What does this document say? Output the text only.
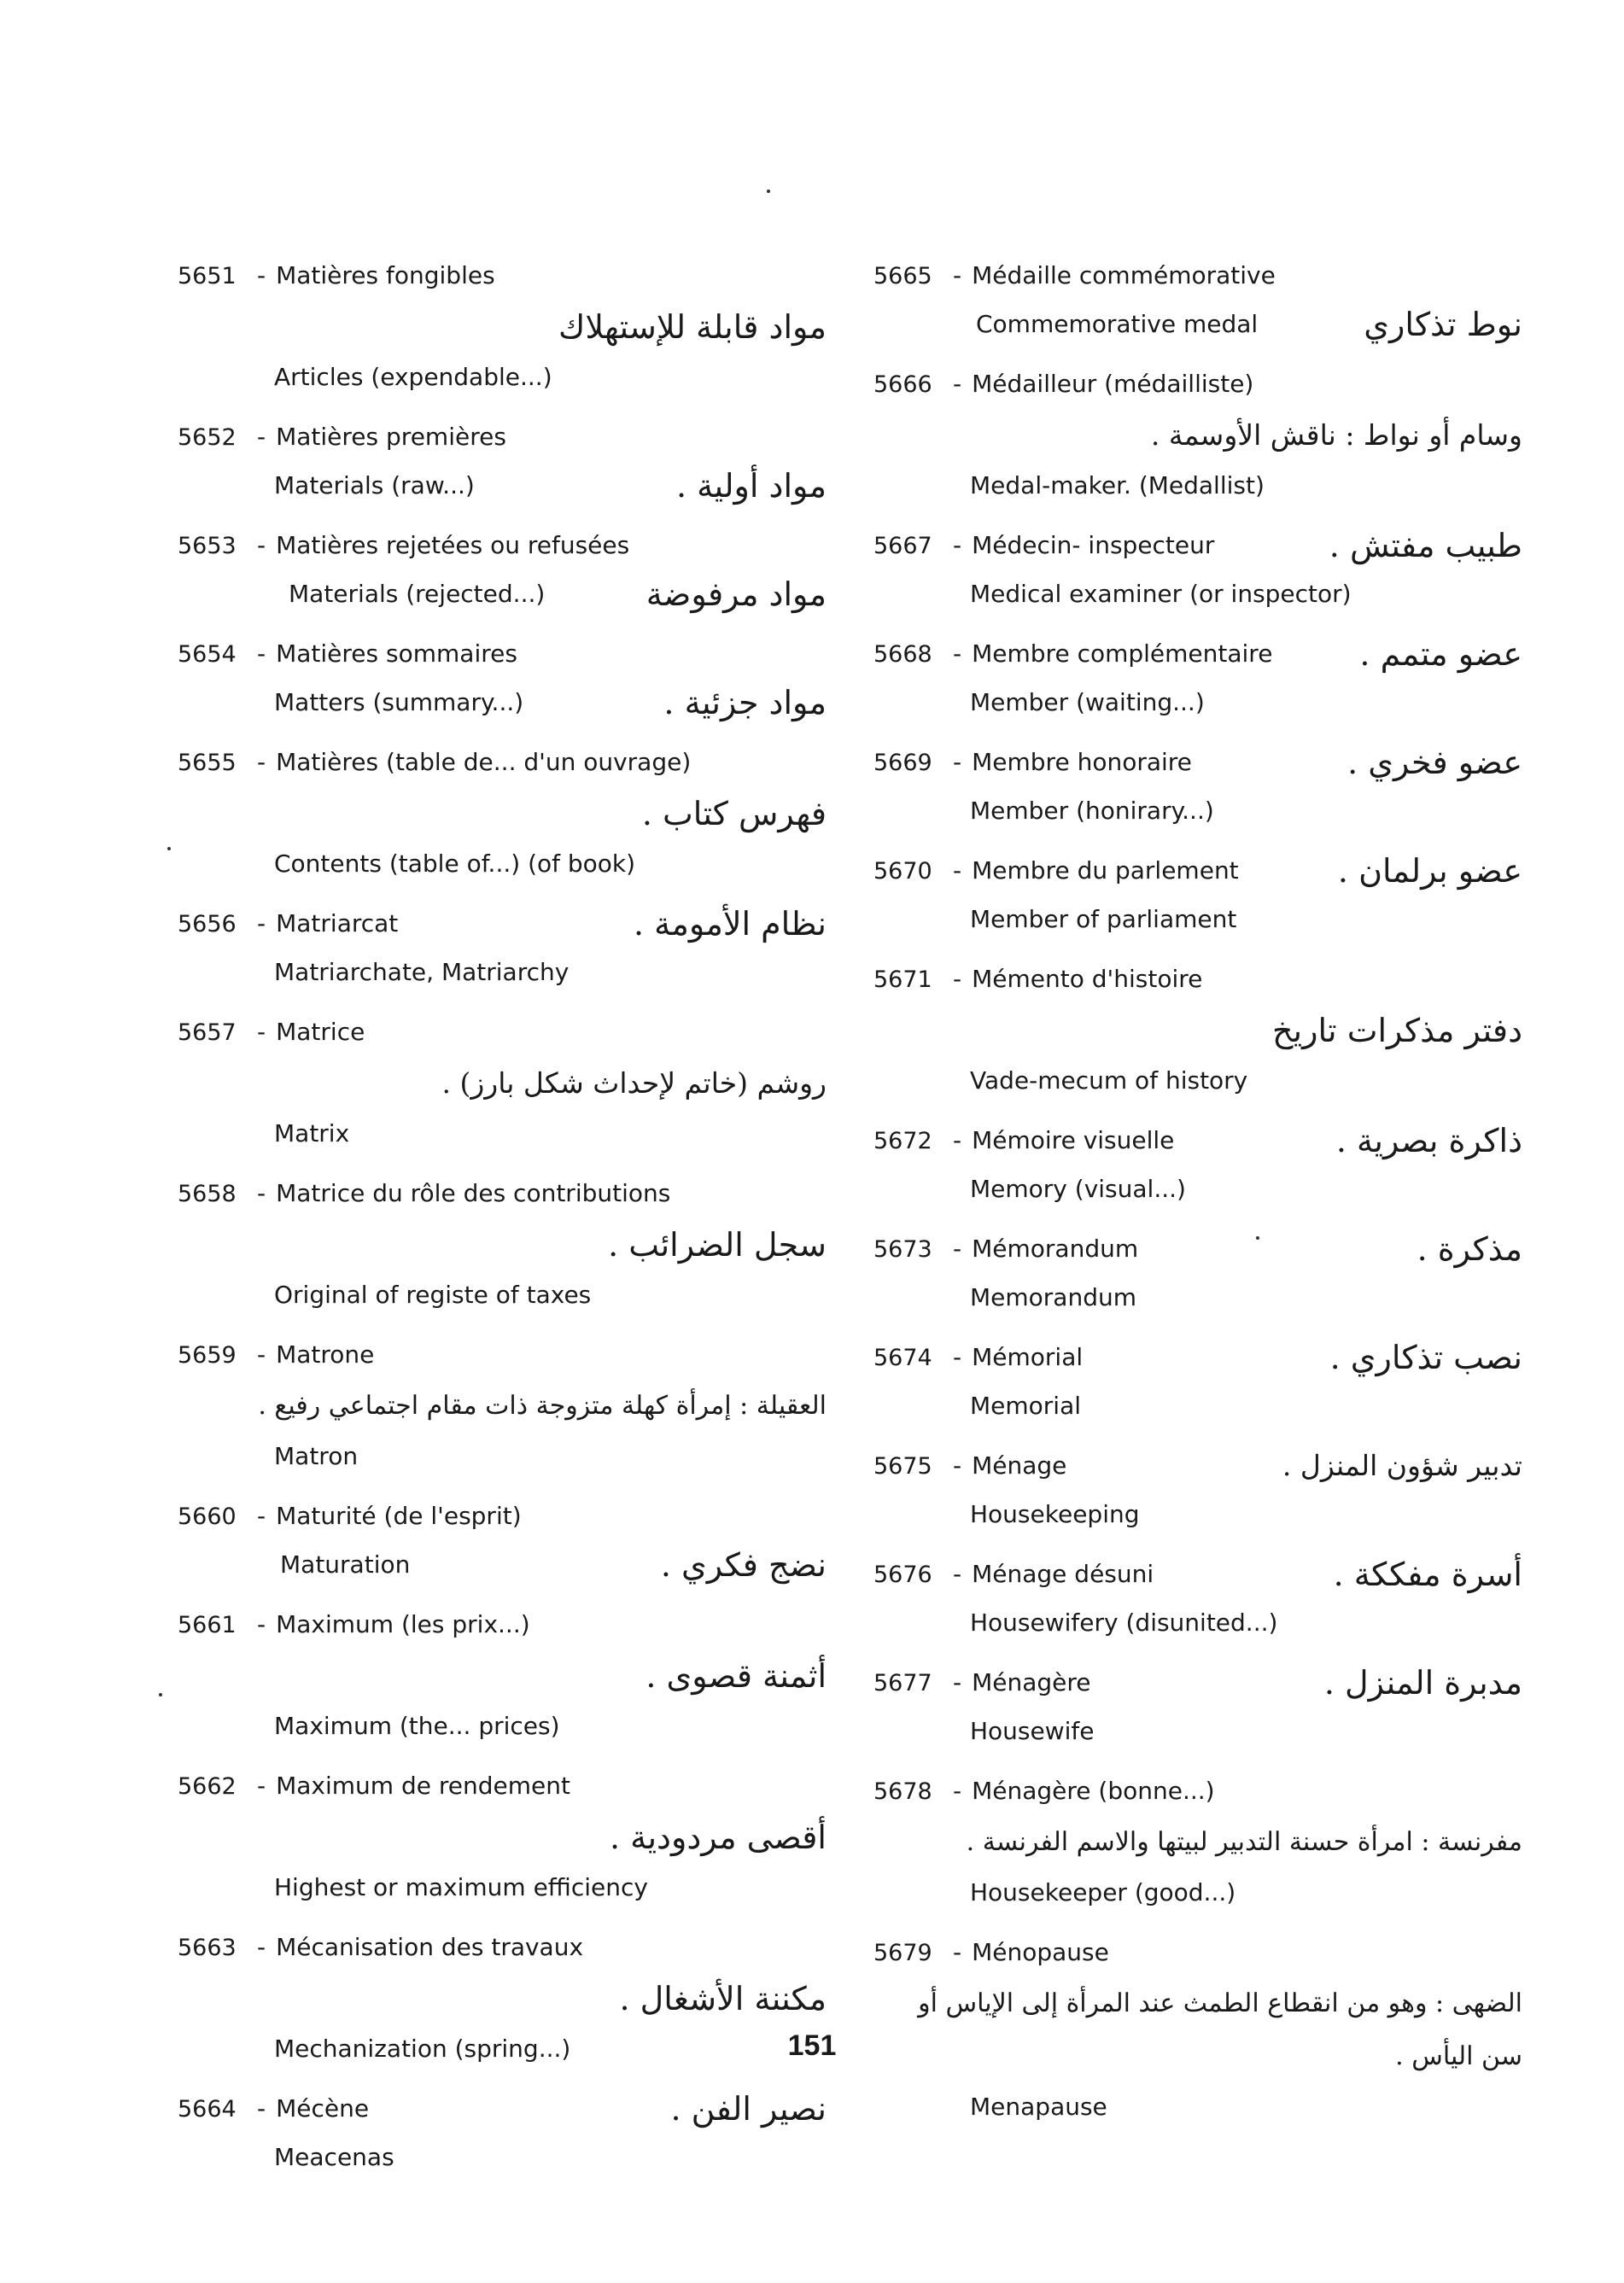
5651 - Matières fongibles
مواد قابلة للإستهلاك
Articles (expendable...)
5652 - Matières premières
Materials (raw...)	مواد أولية .
5653 - Matières rejetées ou refusées
Materials (rejected...)	مواد مرفوضة
5654 - Matières sommaires
Matters (summary...)	مواد جزئية .
5655 - Matières (table de... d'un ouvrage)
فهرس كتاب .
Contents (table of...) (of book)
5656 - Matriarcat	نظام الأمومة .
Matriarchate, Matriarchy
5657 - Matrice
روشم (خاتم لإحداث شكل بارز) .
Matrix
5658 - Matrice du rôle des contributions
سجل الضرائب .
Original of registe of taxes
5659 - Matrone
العقيلة : إمرأة كهلة متزوجة ذات مقام اجتماعي رفيع .
Matron
5660 - Maturité (de l'esprit)
Maturation	نضج فكري .
5661 - Maximum (les prix...)
أثمنة قصوى .
Maximum (the... prices)
5662 - Maximum de rendement
أقصى مردودية .
Highest or maximum efficiency
5663 - Mécanisation des travaux
مكننة الأشغال .
Mechanization (spring...)
5664 - Mécène	نصير الفن .
Meacenas
5665 - Médaille commémorative
Commemorative medal	نوط تذكاري
5666 - Médailleur (médailliste)
وسام أو نواط : ناقش الأوسمة .
Medal-maker. (Medallist)
5667 - Médecin- inspecteur	طبيب مفتش .
Medical examiner (or inspector)
5668 - Membre complémentaire	عضو متمم .
Member (waiting...)
5669 - Membre honoraire	عضو فخري .
Member (honirary...)
5670 - Membre du parlement	عضو برلمان .
Member of parliament
5671 - Mémento d'histoire
دفتر مذكرات تاريخ
Vade-mecum of history
5672 - Mémoire visuelle	ذاكرة بصرية .
Memory (visual...)
5673 - Mémorandum	مذكرة .
Memorandum
5674 - Mémorial	نصب تذكاري .
Memorial
5675 - Ménage	تدبير شؤون المنزل .
Housekeeping
5676 - Ménage désuni	أسرة مفككة .
Housewifery (disunited...)
5677 - Ménagère	مدبرة المنزل .
Housewife
5678 - Ménagère (bonne...)
مفرنسة : امرأة حسنة التدبير لبيتها والاسم الفرنسة .
Housekeeper (good...)
5679 - Ménopause
الضهى : وهو من انقطاع الطمث عند المرأة إلى الإياس أو سن اليأس .
Menapause
151
